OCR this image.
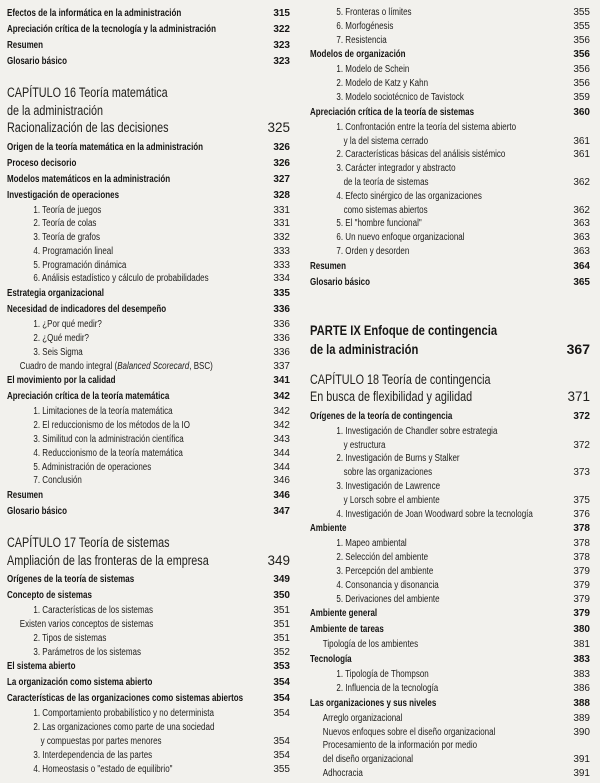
Efectos de la informática en la administración	315
Apreciación crítica de la tecnología y la administración	322
Resumen	323
Glosario básico	323
CAPÍTULO 16 Teoría matemática
de la administración
Racionalización de las decisiones	325
Origen de la teoría matemática en la administración	326
Proceso decisorio	326
Modelos matemáticos en la administración	327
Investigación de operaciones	328
1. Teoría de juegos	331
2. Teoría de colas	331
3. Teoría de grafos	332
4. Programación lineal	333
5. Programación dinámica	333
6. Análisis estadístico y cálculo de probabilidades	334
Estrategia organizacional	335
Necesidad de indicadores del desempeño	336
1. ¿Por qué medir?	336
2. ¿Qué medir?	336
3. Seis Sigma	336
Cuadro de mando integral (Balanced Scorecard, BSC)	337
El movimiento por la calidad	341
Apreciación crítica de la teoría matemática	342
1. Limitaciones de la teoría matemática	342
2. El reduccionismo de los métodos de la IO	342
3. Similitud con la administración científica	343
4. Reduccionismo de la teoría matemática	344
5. Administración de operaciones	344
7. Conclusión	346
Resumen	346
Glosario básico	347
CAPÍTULO 17 Teoría de sistemas
Ampliación de las fronteras de la empresa	349
Orígenes de la teoría de sistemas	349
Concepto de sistemas	350
1. Características de los sistemas	351
Existen varios conceptos de sistemas	351
2. Tipos de sistemas	351
3. Parámetros de los sistemas	352
El sistema abierto	353
La organización como sistema abierto	354
Características de las organizaciones como sistemas abiertos	354
1. Comportamiento probabilístico y no determinista	354
2. Las organizaciones como parte de una sociedad
y compuestas por partes menores	354
3. Interdependencia de las partes	354
4. Homeostasis o "estado de equilibrio"	355
5. Fronteras o límites	355
6. Morfogénesis	355
7. Resistencia	356
Modelos de organización	356
1. Modelo de Schein	356
2. Modelo de Katz y Kahn	356
3. Modelo sociotécnico de Tavistock	359
Apreciación crítica de la teoría de sistemas	360
1. Confrontación entre la teoría del sistema abierto
y la del sistema cerrado	361
2. Características básicas del análisis sistémico	361
3. Carácter integrador y abstracto
de la teoría de sistemas	362
4. Efecto sinérgico de las organizaciones
como sistemas abiertos	362
5. El "hombre funcional"	363
6. Un nuevo enfoque organizacional	363
7. Orden y desorden	363
Resumen	364
Glosario básico	365
PARTE IX Enfoque de contingencia
de la administración	367
CAPÍTULO 18 Teoría de contingencia
En busca de flexibilidad y agilidad	371
Orígenes de la teoría de contingencia	372
1. Investigación de Chandler sobre estrategia
y estructura	372
2. Investigación de Burns y Stalker
sobre las organizaciones	373
3. Investigación de Lawrence
y Lorsch sobre el ambiente	375
4. Investigación de Joan Woodward sobre la tecnología	376
Ambiente	378
1. Mapeo ambiental	378
2. Selección del ambiente	378
3. Percepción del ambiente	379
4. Consonancia y disonancia	379
5. Derivaciones del ambiente	379
Ambiente general	379
Ambiente de tareas	380
Tipología de los ambientes	381
Tecnología	383
1. Tipología de Thompson	383
2. Influencia de la tecnología	386
Las organizaciones y sus niveles	388
Arreglo organizacional	389
Nuevos enfoques sobre el diseño organizacional	390
Procesamiento de la información por medio
del diseño organizacional	391
Adhocracia	391
